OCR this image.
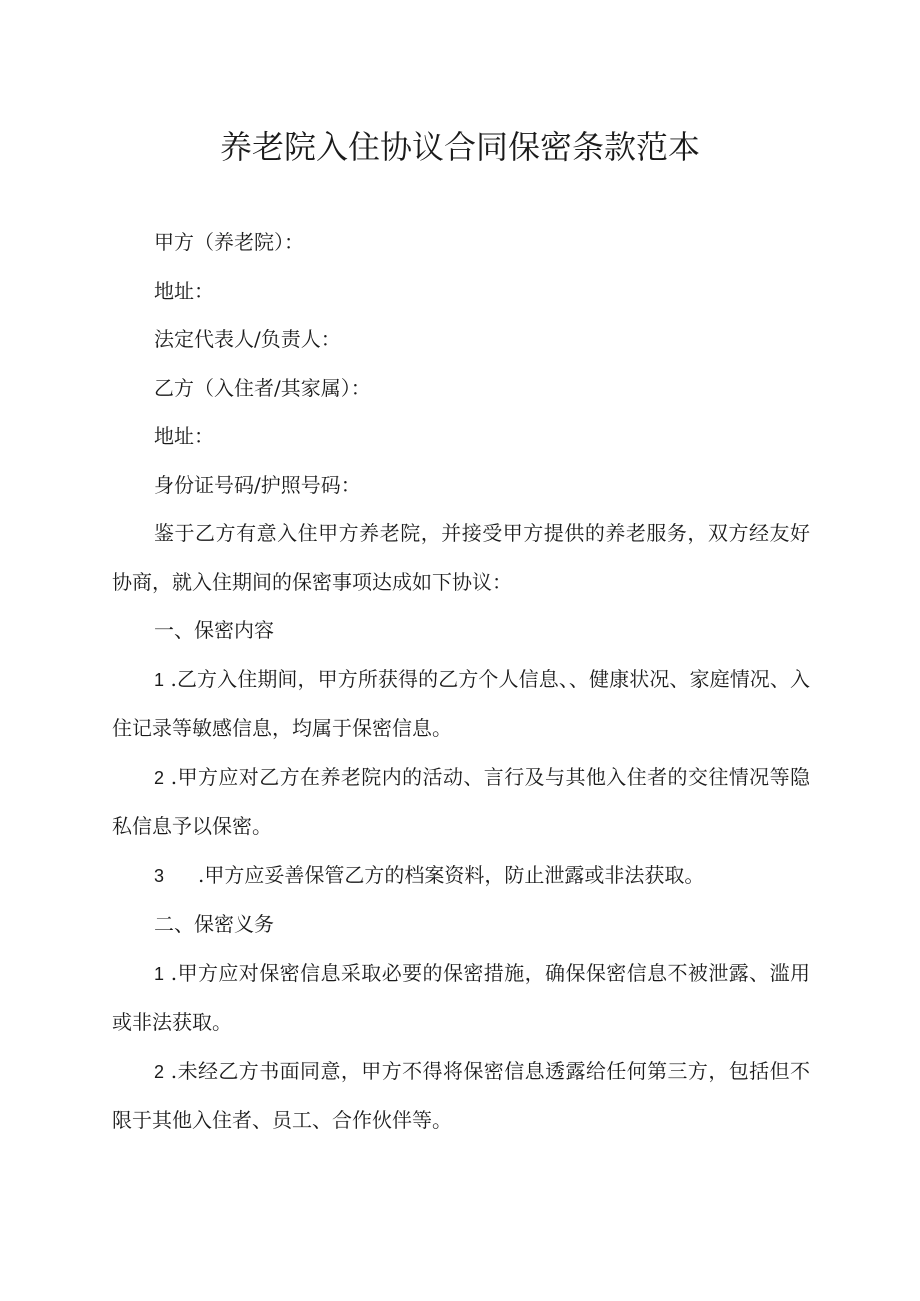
养老院入住协议合同保密条款范本

甲方（养老院）：

地址：

法定代表人/负责人：

乙方（入住者/其家属）：

地址：

身份证号码/护照号码：

鉴于乙方有意入住甲方养老院，并接受甲方提供的养老服务，双方经友好协商，就入住期间的保密事项达成如下协议：

一、保密内容

1 .乙方入住期间，甲方所获得的乙方个人信息、、健康状况、家庭情况、入住记录等敏感信息，均属于保密信息。

2 .甲方应对乙方在养老院内的活动、言行及与其他入住者的交往情况等隐私信息予以保密。

3 .甲方应妥善保管乙方的档案资料，防止泄露或非法获取。

二、保密义务

1 .甲方应对保密信息采取必要的保密措施，确保保密信息不被泄露、滥用或非法获取。

2 .未经乙方书面同意，甲方不得将保密信息透露给任何第三方，包括但不限于其他入住者、员工、合作伙伴等。
